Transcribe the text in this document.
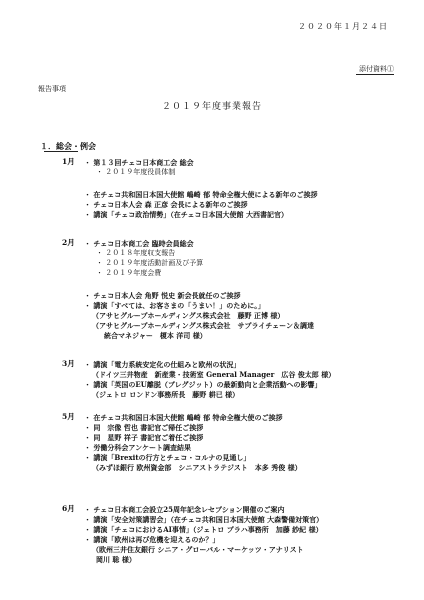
２０２０年１月２４日
添付資料①
報告事項
２０１９年度事業報告
１．総会・例会
1月 ・ 第１３回チェコ日本商工会 総会
・ ２０１９年度役員体制
・ 在チェコ共和国日本国大使館 嶋崎 郁 特命全権大使による新年のご挨拶
・ チェコ日本人会 森 正彦 会長による新年のご挨拶
・ 講演「チェコ政治情勢」（在チェコ日本国大使館 大西書記官）
2月 ・ チェコ日本商工会 臨時会員総会
・ ２０１８年度収支報告
・ ２０１９年度活動計画及び予算
・ ２０１９年度会費
・ チェコ日本人会 角野 悦史 新会長就任のご挨拶
・ 講演「すべては、お客さまの「うまい！」のために。」
（アサヒグループホールディングス株式会社　藤野 正博 様）
（アサヒグループホールディングス株式会社　サプライチェーン＆調達
統合マネジャー　榎本 洋司 様）
3月 ・ 講演「電力系統安定化の仕組みと欧州の状況」
（ドイツ三井物産　新産業・技術室 General Manager　広谷 俊太郎 様）
・ 講演「英国のEU離脱（ブレグジット）の最新動向と企業活動への影響」
（ジェトロ ロンドン事務所長　藤野 耕已 様）
5月 ・ 在チェコ共和国日本国大使館 嶋崎 郁 特命全権大使のご挨拶
・ 同　宗像 哲也 書記官ご帰任ご挨拶
・ 同　星野 祥子 書記官ご着任ご挨拶
・ 労働分科会アンケート調査結果
・ 講演「Brexitの行方とチェコ・コルナの見通し」
（みずほ銀行 欧州資金部　シニアストラテジスト　本多 秀俊 様）
6月 ・ チェコ日本商工会設立25周年記念レセプション開催のご案内
・ 講演「安全対策講習会」（在チェコ共和国日本国大使館 大森警備対策官）
・ 講演「チェコにおけるAI事情」（ジェトロ プラハ事務所　加藤 紗紀 様）
・ 講演「欧州は再び危機を迎えるのか？」
（欧州三井住友銀行 シニア・グローバル・マーケッツ・アナリスト
岡川 聡 様）
